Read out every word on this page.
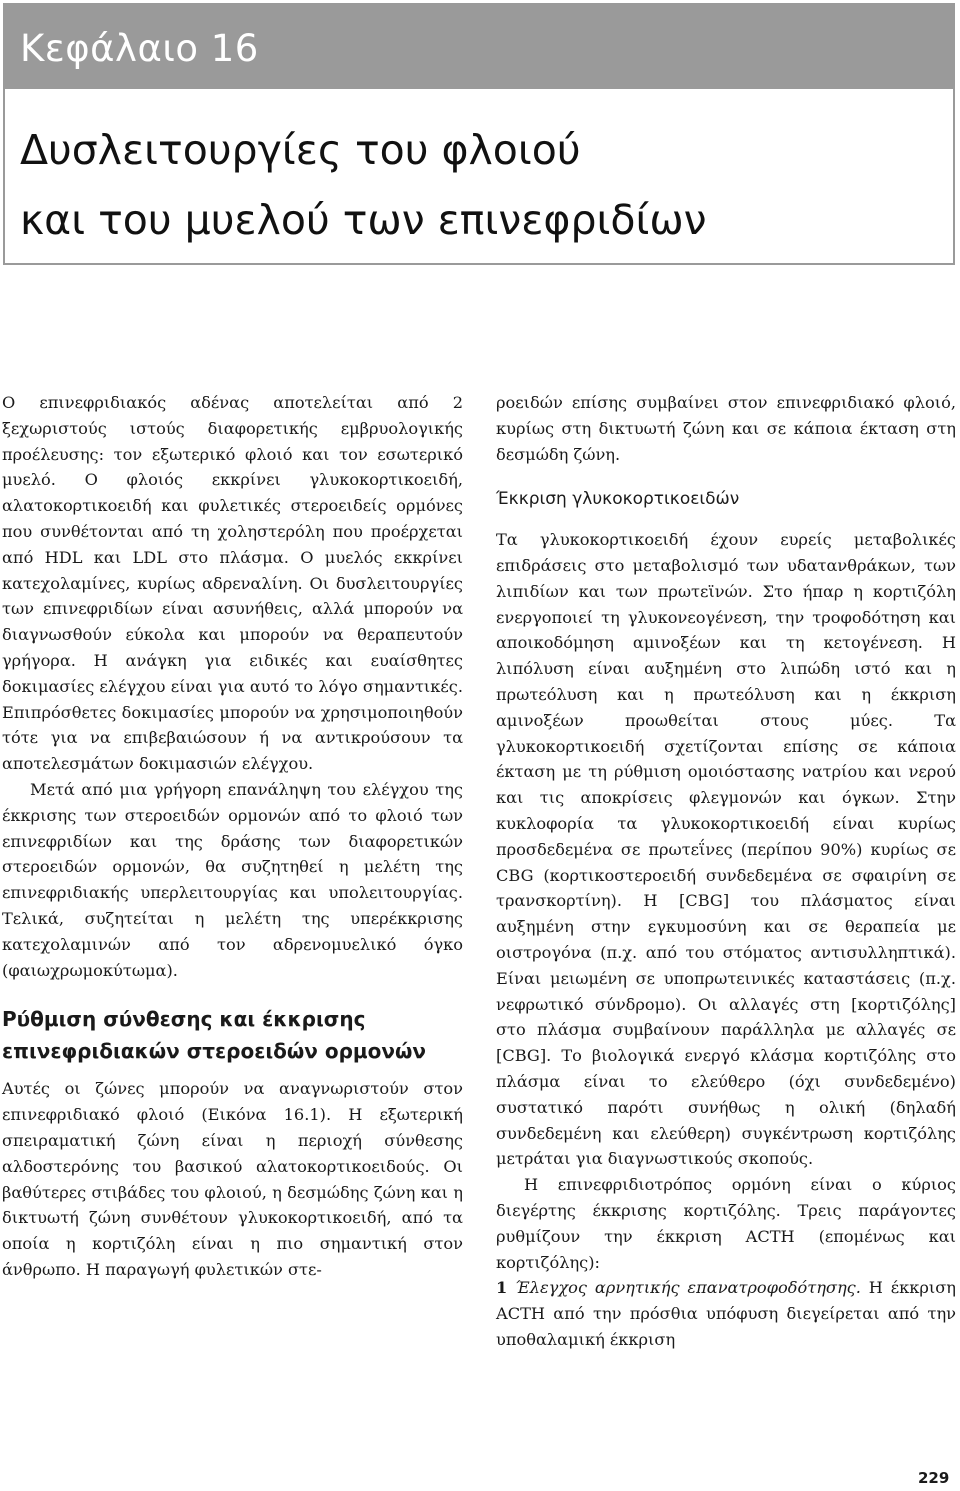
Κεφάλαιο 16
Δυσλειτουργίες του φλοιού
και του μυελού των επινεφριδίων

Ο επινεφριδιακός αδένας αποτελείται από 2 ξεχωριστούς ιστούς διαφορετικής εμβρυολογικής προέλευσης: τον εξωτερικό φλοιό και τον εσωτερικό μυελό. Ο φλοιός εκκρίνει γλυκοκορτικοειδή, αλατοκορτικοειδή και φυλετικές στεροειδείς ορμόνες που συνθέτονται από τη χοληστερόλη που προέρχεται από HDL και LDL στο πλάσμα. Ο μυελός εκκρίνει κατεχολαμίνες, κυρίως αδρεναλίνη. Οι δυσλειτουργίες των επινεφριδίων είναι ασυνήθεις, αλλά μπορούν να διαγνωσθούν εύκολα και μπορούν να θεραπευτούν γρήγορα. Η ανάγκη για ειδικές και ευαίσθητες δοκιμασίες ελέγχου είναι για αυτό το λόγο σημαντικές. Επιπρόσθετες δοκιμασίες μπορούν να χρησιμοποιηθούν τότε για να επιβεβαιώσουν ή να αντικρούσουν τα αποτελεσμάτων δοκιμασιών ελέγχου.

Μετά από μια γρήγορη επανάληψη του ελέγχου της έκκρισης των στεροειδών ορμονών από το φλοιό των επινεφριδίων και της δράσης των διαφορετικών στεροειδών ορμονών, θα συζητηθεί η μελέτη της επινεφριδιακής υπερλειτουργίας και υπολειτουργίας. Τελικά, συζητείται η μελέτη της υπερέκκρισης κατεχολαμινών από τον αδρενομυελικό όγκο (φαιωχρωμοκύτωμα).

Ρύθμιση σύνθεσης και έκκρισης επινεφριδιακών στεροειδών ορμονών

Αυτές οι ζώνες μπορούν να αναγνωριστούν στον επινεφριδιακό φλοιό (Εικόνα 16.1). Η εξωτερική σπειραματική ζώνη είναι η περιοχή σύνθεσης αλδοστερόνης του βασικού αλατοκορτικοειδούς. Οι βαθύτερες στιβάδες του φλοιού, η δεσμώδης ζώνη και η δικτυωτή ζώνη συνθέτουν γλυκοκορτικοειδή, από τα οποία η κορτιζόλη είναι η πιο σημαντική στον άνθρωπο. Η παραγωγή φυλετικών στε-

ροειδών επίσης συμβαίνει στον επινεφριδιακό φλοιό, κυρίως στη δικτυωτή ζώνη και σε κάποια έκταση στη δεσμώδη ζώνη.

Έκκριση γλυκοκορτικοειδών

Τα γλυκοκορτικοειδή έχουν ευρείς μεταβολικές επιδράσεις στο μεταβολισμό των υδατανθράκων, των λιπιδίων και των πρωτεϊνών. Στο ήπαρ η κορτιζόλη ενεργοποιεί τη γλυκονεογένεση, την τροφοδότηση και αποικοδόμηση αμινοξέων και τη κετογένεση. Η λιπόλυση είναι αυξημένη στο λιπώδη ιστό και η πρωτεόλυση και η πρωτεόλυση και η έκκριση αμινοξέων προωθείται στους μύες. Τα γλυκοκορτικοειδή σχετίζονται επίσης σε κάποια έκταση με τη ρύθμιση ομοιόστασης νατρίου και νερού και τις αποκρίσεις φλεγμονών και όγκων. Στην κυκλοφορία τα γλυκοκορτικοειδή είναι κυρίως προσδεδεμένα σε πρωτεΐνες (περίπου 90%) κυρίως σε CBG (κορτικοστεροειδή συνδεδεμένα σε σφαιρίνη σε τρανσκορτίνη). Η [CBG] του πλάσματος είναι αυξημένη στην εγκυμοσύνη και σε θεραπεία με οιστρογόνα (π.χ. από του στόματος αντισυλληπτικά). Είναι μειωμένη σε υποπρωτεινικές καταστάσεις (π.χ. νεφρωτικό σύνδρομο). Οι αλλαγές στη [κορτιζόλης] στο πλάσμα συμβαίνουν παράλληλα με αλλαγές σε [CBG]. Το βιολογικά ενεργό κλάσμα κορτιζόλης στο πλάσμα είναι το ελεύθερο (όχι συνδεδεμένο) συστατικό παρότι συνήθως η ολική (δηλαδή συνδεδεμένη και ελεύθερη) συγκέντρωση κορτιζόλης μετράται για διαγνωστικούς σκοπούς.

Η επινεφριδιοτρόπος ορμόνη είναι ο κύριος διεγέρτης έκκρισης κορτιζόλης. Τρεις παράγοντες ρυθμίζουν την έκκριση ACTH (επομένως και κορτιζόλης):

1 Έλεγχος αρνητικής επανατροφοδότησης. Η έκκριση ACTH από την πρόσθια υπόφυση διεγείρεται από την υποθαλαμική έκκριση

229
